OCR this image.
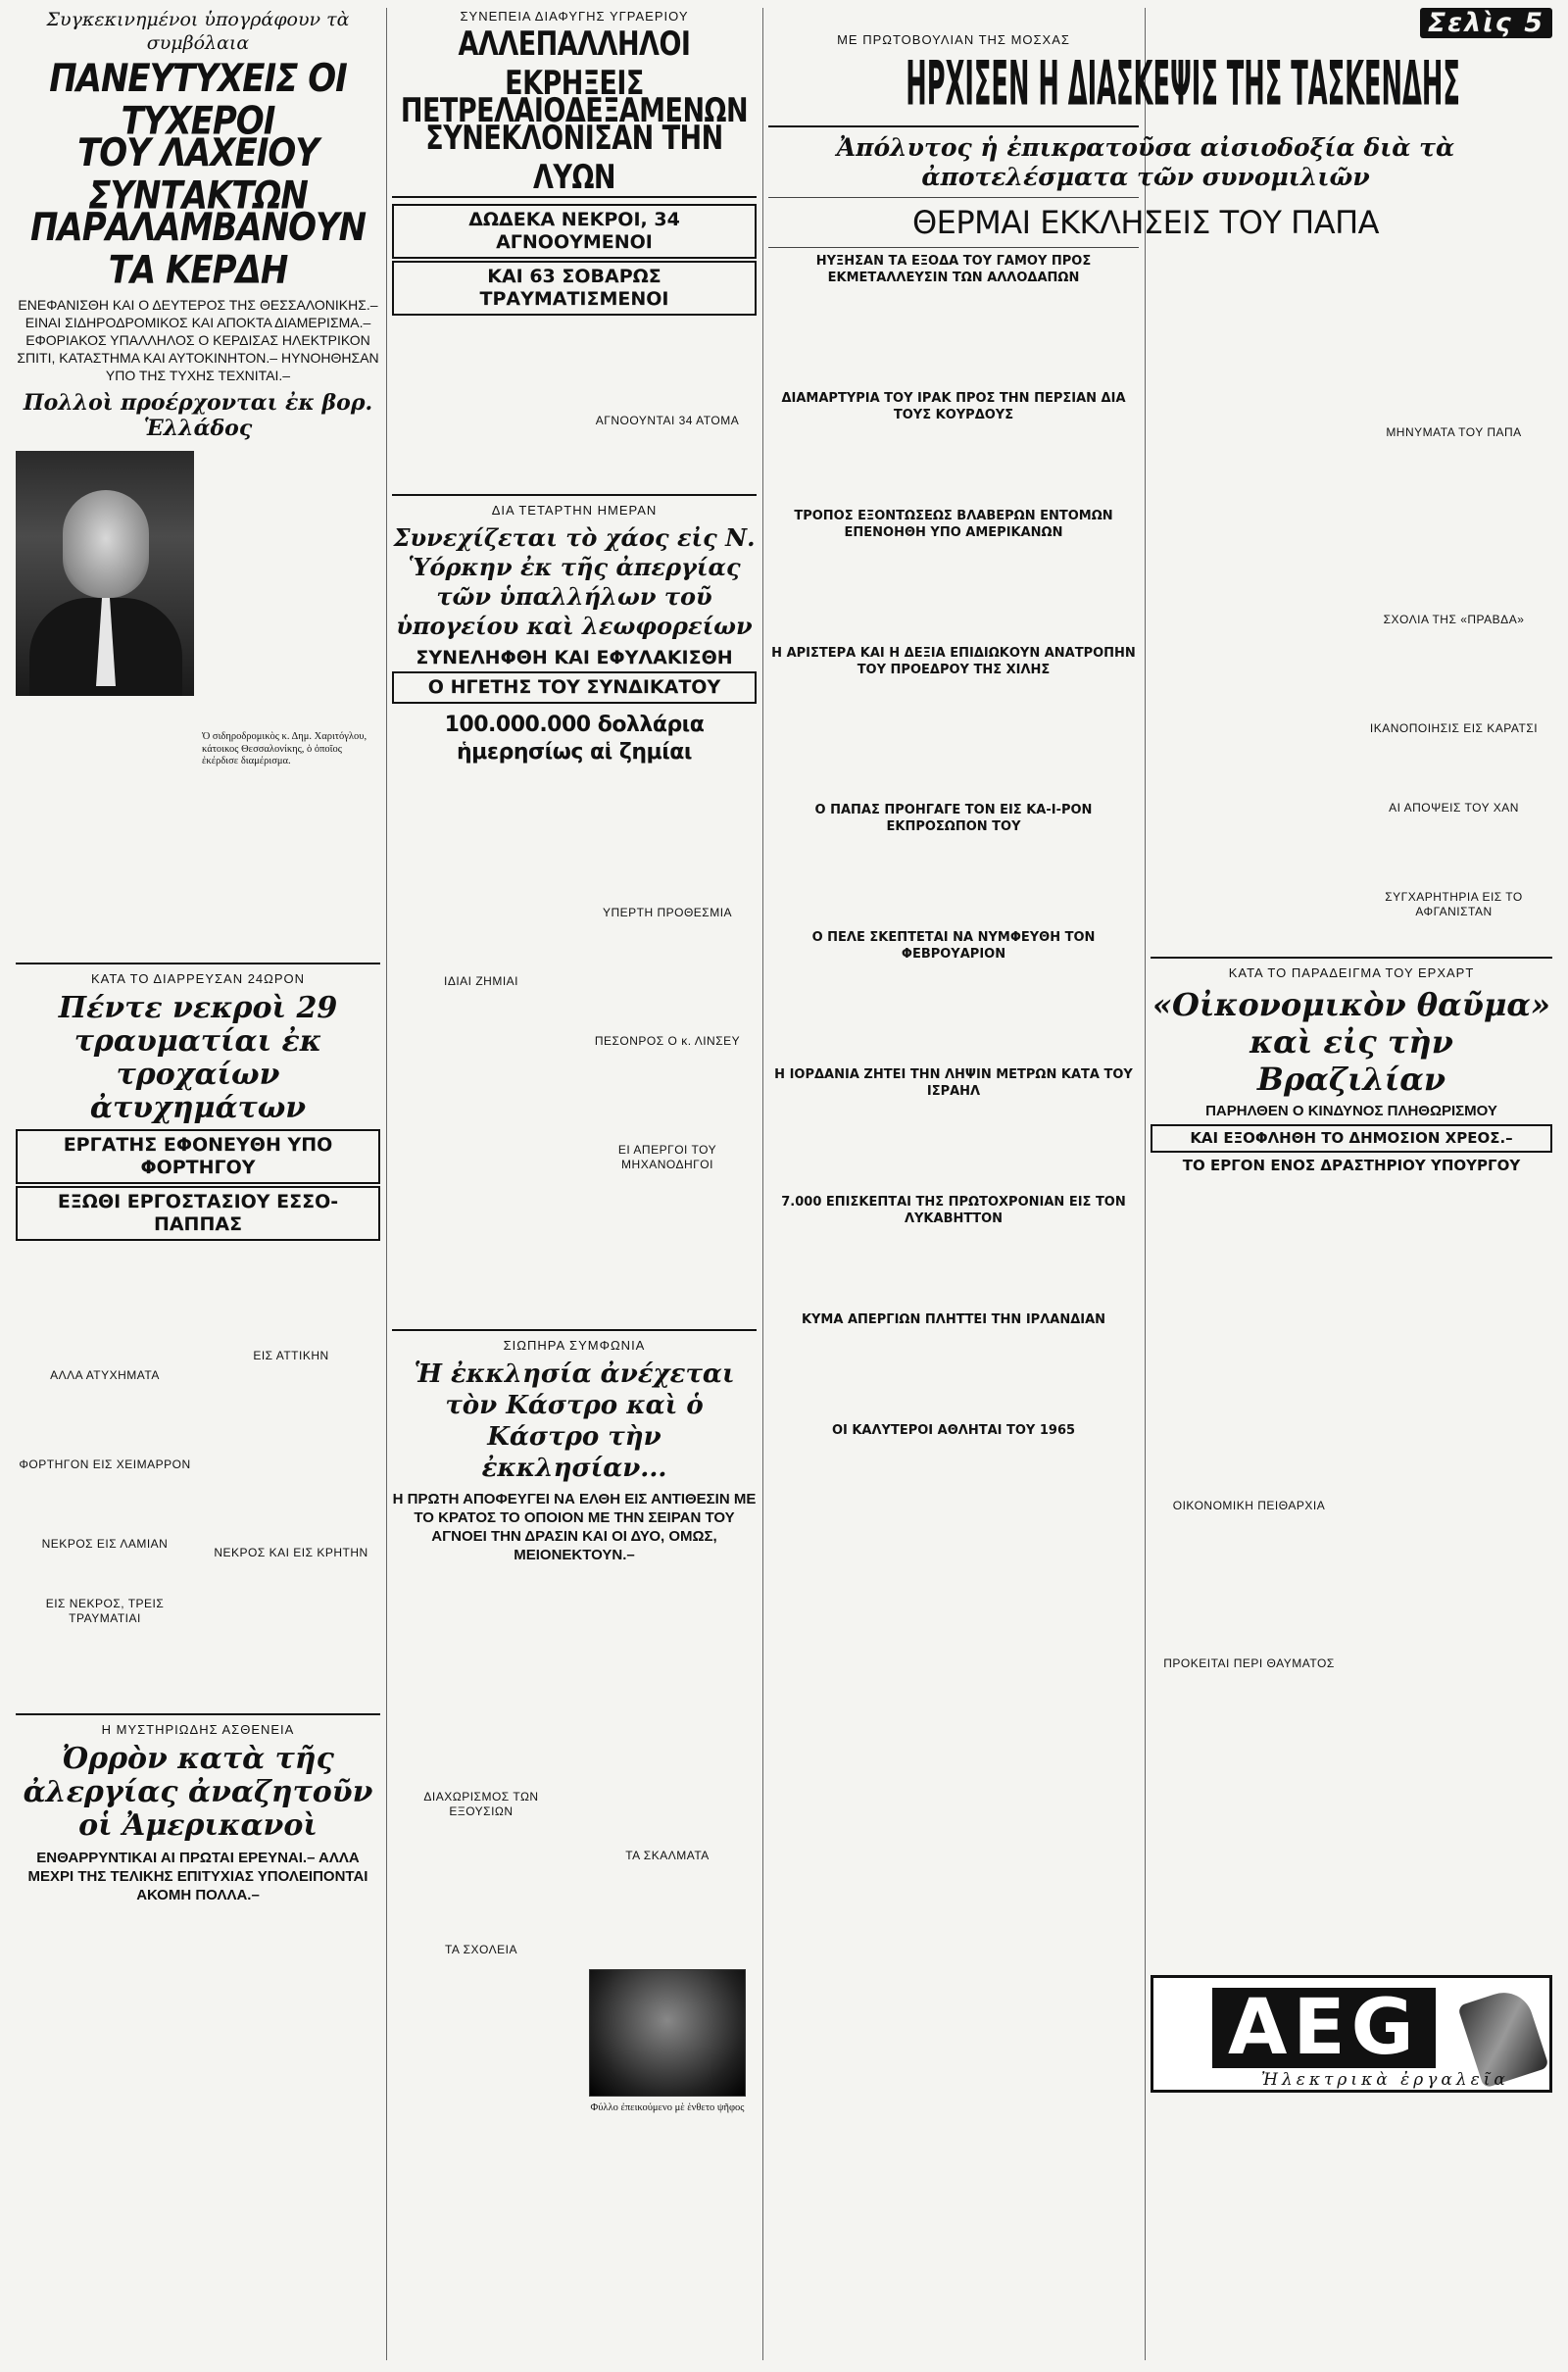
Συγκεκινημένοι ὑπογράφουν τὰ συμβόλαια
ΠΑΝΕΥΤΥΧΕΙΣ ΟΙ ΤΥΧΕΡΟΙ
ΤΟΥ ΛΑΧΕΙΟΥ ΣΥΝΤΑΚΤΩΝ
ΠΑΡΑΛΑΜΒΑΝΟΥΝ ΤΑ ΚΕΡΔΗ
ΕΝΕΦΑΝΙΣΘΗ ΚΑΙ Ο ΔΕΥΤΕΡΟΣ ΤΗΣ ΘΕΣΣΑΛΟΝΙΚΗΣ.– ΕΙΝΑΙ ΣΙΔΗΡΟΔΡΟΜΙΚΟΣ ΚΑΙ ΑΠΟΚΤΑ ΔΙΑΜΕΡΙΣΜΑ.– ΕΦΟΡΙΑΚΟΣ ΥΠΑΛΛΗΛΟΣ Ο ΚΕΡΔΙΣΑΣ ΗΛΕΚΤΡΙΚΟΝ ΣΠΙΤΙ, ΚΑΤΑΣΤΗΜΑ ΚΑΙ ΑΥΤΟΚΙΝΗΤΟΝ.– ΗΥΝΟΗΘΗΣΑΝ ΥΠΟ ΤΗΣ ΤΥΧΗΣ ΤΕΧΝΙΤΑΙ.–
Πολλοὶ προέρχονται ἐκ βορ. Ἑλλάδος
Ὁ σιδηροδρομικὸς κ. Δημ. Χαριτόγλου, κάτοικος Θεσσαλονίκης, ὁ ὁποῖος ἐκέρδισε διαμέρισμα.
ΚΑΤΑ ΤΟ ΔΙΑΡΡΕΥΣΑΝ 24ΩΡΟΝ
Πέντε νεκροὶ 29 τραυματίαι ἐκ τροχαίων ἀτυχημάτων
ΕΡΓΑΤΗΣ ΕΦΟΝΕΥΘΗ ΥΠΟ ΦΟΡΤΗΓΟΥ
ΕΞΩΘΙ ΕΡΓΟΣΤΑΣΙΟΥ ΕΣΣΟ-ΠΑΠΠΑΣ
ΑΛΛΑ ΑΤΥΧΗΜΑΤΑ
ΦΟΡΤΗΓΟΝ ΕΙΣ ΧΕΙΜΑΡΡΟΝ
ΝΕΚΡΟΣ ΕΙΣ ΛΑΜΙΑΝ
ΕΙΣ ΝΕΚΡΟΣ, ΤΡΕΙΣ ΤΡΑΥΜΑΤΙΑΙ
ΕΙΣ ΑΤΤΙΚΗΝ
ΝΕΚΡΟΣ ΚΑΙ ΕΙΣ ΚΡΗΤΗΝ
Η ΜΥΣΤΗΡΙΩΔΗΣ ΑΣΘΕΝΕΙΑ
Ὀρρὸν κατὰ τῆς ἀλεργίας ἀναζητοῦν οἱ Ἀμερικανοὶ
ΕΝΘΑΡΡΥΝΤΙΚΑΙ ΑΙ ΠΡΩΤΑΙ ΕΡΕΥΝΑΙ.– ΑΛΛΑ ΜΕΧΡΙ ΤΗΣ ΤΕΛΙΚΗΣ ΕΠΙΤΥΧΙΑΣ ΥΠΟΛΕΙΠΟΝΤΑΙ ΑΚΟΜΗ ΠΟΛΛΑ.–
ΣΥΝΕΠΕΙΑ ΔΙΑΦΥΓΗΣ ΥΓΡΑΕΡΙΟΥ
ΑΛΛΕΠΑΛΛΗΛΟΙ ΕΚΡΗΞΕΙΣ
ΠΕΤΡΕΛΑΙΟΔΕΞΑΜΕΝΩΝ
ΣΥΝΕΚΛΟΝΙΣΑΝ ΤΗΝ ΛΥΩΝ
ΔΩΔΕΚΑ ΝΕΚΡΟΙ, 34 ΑΓΝΟΟΥΜΕΝΟΙ
ΚΑΙ 63 ΣΟΒΑΡΩΣ ΤΡΑΥΜΑΤΙΣΜΕΝΟΙ
ΑΓΝΟΟΥΝΤΑΙ 34 ΑΤΟΜΑ
ΔΙΑ ΤΕΤΑΡΤΗΝ ΗΜΕΡΑΝ
Συνεχίζεται τὸ χάος εἰς Ν. Ὑόρκην ἐκ τῆς ἀπεργίας τῶν ὑπαλλήλων τοῦ ὑπογείου καὶ λεωφορείων
ΣΥΝΕΛΗΦΘΗ ΚΑΙ ΕΦΥΛΑΚΙΣΘΗ
Ο ΗΓΕΤΗΣ ΤΟΥ ΣΥΝΔΙΚΑΤΟΥ
100.000.000 δολλάρια ἡμερησίως αἱ ζημίαι
ΙΔΙΑΙ ΖΗΜΙΑΙ
ΥΠΕΡΤΗ ΠΡΟΘΕΣΜΙΑ
ΠΕΣΟΝΡΟΣ Ο κ. ΛΙΝΣΕΥ
ΕΙ ΑΠΕΡΓΟΙ ΤΟΥ ΜΗΧΑΝΟΔΗΓΟΙ
ΣΙΩΠΗΡΑ ΣΥΜΦΩΝΙΑ
Ἡ ἐκκλησία ἀνέχεται τὸν Κάστρο καὶ ὁ Κάστρο τὴν ἐκκλησίαν...
Η ΠΡΩΤΗ ΑΠΟΦΕΥΓΕΙ ΝΑ ΕΛΘΗ ΕΙΣ ΑΝΤΙΘΕΣΙΝ ΜΕ ΤΟ ΚΡΑΤΟΣ ΤΟ ΟΠΟΙΟΝ ΜΕ ΤΗΝ ΣΕΙΡΑΝ ΤΟΥ ΑΓΝΟΕΙ ΤΗΝ ΔΡΑΣΙΝ ΚΑΙ ΟΙ ΔΥΟ, ΟΜΩΣ, ΜΕΙΟΝΕΚΤΟΥΝ.–
ΔΙΑΧΩΡΙΣΜΟΣ ΤΩΝ ΕΞΟΥΣΙΩΝ
ΤΑ ΣΧΟΛΕΙΑ
ΤΑ ΣΚΑΛΜΑΤΑ
Φύλλο ἐπεικούμενο μὲ ἑνθετο ψῆφος
ΜΕ ΠΡΩΤΟΒΟΥΛΙΑΝ ΤΗΣ ΜΟΣΧΑΣ
ΗΡΧΙΣΕΝ Η ΔΙΑΣΚΕΨΙΣ ΤΗΣ ΤΑΣΚΕΝΔΗΣ
Ἀπόλυτος ἡ ἐπικρατοῦσα αἰσιοδοξία διὰ τὰ ἀποτελέσματα τῶν συνομιλιῶν
ΘΕΡΜΑΙ ΕΚΚΛΗΣΕΙΣ ΤΟΥ ΠΑΠΑ
ΗΥΞΗΣΑΝ ΤΑ ΕΞΟΔΑ ΤΟΥ ΓΑΜΟΥ ΠΡΟΣ ΕΚΜΕΤΑΛΛΕΥΣΙΝ ΤΩΝ ΑΛΛΟΔΑΠΩΝ
ΔΙΑΜΑΡΤΥΡΙΑ ΤΟΥ ΙΡΑΚ ΠΡΟΣ ΤΗΝ ΠΕΡΣΙΑΝ ΔΙΑ ΤΟΥΣ ΚΟΥΡΔΟΥΣ
ΤΡΟΠΟΣ ΕΞΟΝΤΩΣΕΩΣ ΒΛΑΒΕΡΩΝ ΕΝΤΟΜΩΝ ΕΠΕΝΟΗΘΗ ΥΠΟ ΑΜΕΡΙΚΑΝΩΝ
Η ΑΡΙΣΤΕΡΑ ΚΑΙ Η ΔΕΞΙΑ ΕΠΙΔΙΩΚΟΥΝ ΑΝΑΤΡΟΠΗΝ ΤΟΥ ΠΡΟΕΔΡΟΥ ΤΗΣ ΧΙΛΗΣ
Ο ΠΑΠΑΣ ΠΡΟΗΓΑΓΕ ΤΟΝ ΕΙΣ ΚΑ-Ι-ΡΟΝ ΕΚΠΡΟΣΩΠΟΝ ΤΟΥ
Ο ΠΕΛΕ ΣΚΕΠΤΕΤΑΙ ΝΑ ΝΥΜΦΕΥΘΗ ΤΟΝ ΦΕΒΡΟΥΑΡΙΟΝ
Η ΙΟΡΔΑΝΙΑ ΖΗΤΕΙ ΤΗΝ ΛΗΨΙΝ ΜΕΤΡΩΝ ΚΑΤΑ ΤΟΥ ΙΣΡΑΗΛ
7.000 ΕΠΙΣΚΕΠΤΑΙ ΤΗΣ ΠΡΩΤΟΧΡΟΝΙΑΝ ΕΙΣ ΤΟΝ ΛΥΚΑΒΗΤΤΟΝ
ΚΥΜΑ ΑΠΕΡΓΙΩΝ ΠΛΗΤΤΕΙ ΤΗΝ ΙΡΛΑΝΔΙΑΝ
ΟΙ ΚΑΛΥΤΕΡΟΙ ΑΘΛΗΤΑΙ ΤΟΥ 1965
Σελὶς 5
ΜΗΝΥΜΑΤΑ ΤΟΥ ΠΑΠΑ
ΣΧΟΛΙΑ ΤΗΣ «ΠΡΑΒΔΑ»
ΙΚΑΝΟΠΟΙΗΣΙΣ ΕΙΣ ΚΑΡΑΤΣΙ
ΑΙ ΑΠΟΨΕΙΣ ΤΟΥ ΧΑΝ
ΣΥΓΧΑΡΗΤΗΡΙΑ ΕΙΣ ΤΟ ΑΦΓΑΝΙΣΤΑΝ
ΚΑΤΑ ΤΟ ΠΑΡΑΔΕΙΓΜΑ ΤΟΥ ΕΡΧΑΡΤ
«Οἰκονομικὸν θαῦμα» καὶ εἰς τὴν Βραζιλίαν
ΠΑΡΗΛΘΕΝ Ο ΚΙΝΔΥΝΟΣ ΠΛΗΘΩΡΙΣΜΟΥ
ΚΑΙ ΕΞΟΦΛΗΘΗ ΤΟ ΔΗΜΟΣΙΟΝ ΧΡΕΟΣ.–
ΤΟ ΕΡΓΟΝ ΕΝΟΣ ΔΡΑΣΤΗΡΙΟΥ ΥΠΟΥΡΓΟΥ
ΟΙΚΟΝΟΜΙΚΗ ΠΕΙΘΑΡΧΙΑ
ΠΡΟΚΕΙΤΑΙ ΠΕΡΙ ΘΑΥΜΑΤΟΣ
AEG
Ἠλεκτρικὰ ἐργαλεῖα
